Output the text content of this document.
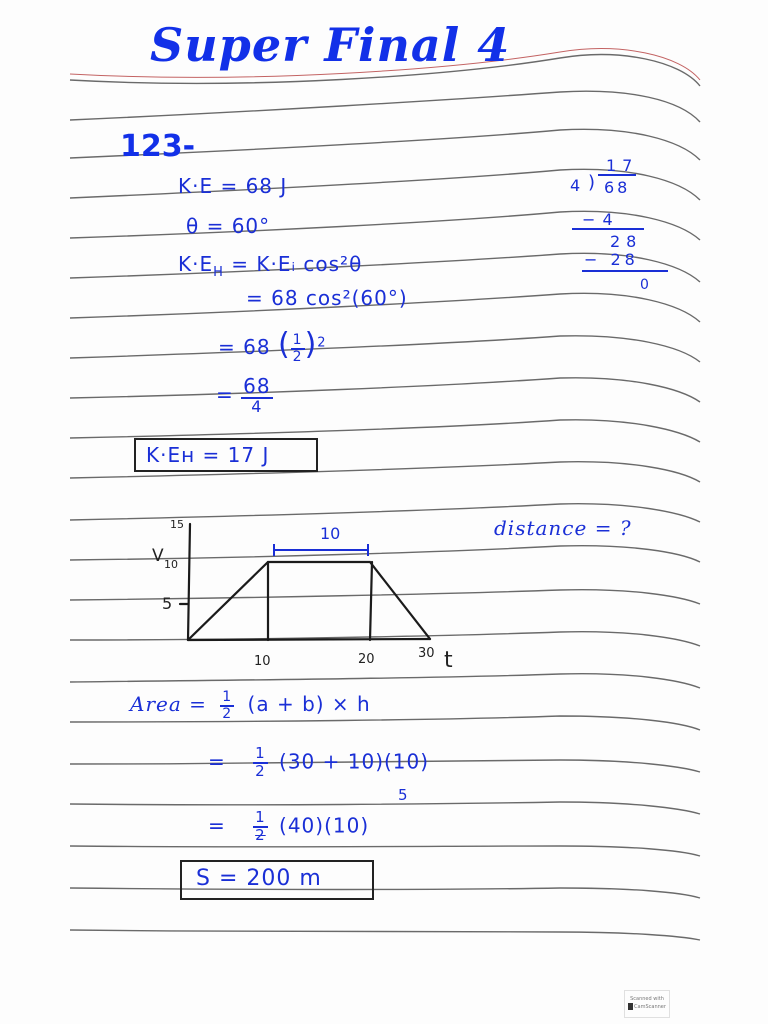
Super Final 4
123-
K·E = 68 J
θ = 60°
$K\cdot E_H$ = K·Eᵢ cos²θ
= 68 cos²(60°)
= 68 ( $\frac{1}{2} )^2$
= $\frac{68}{4}$
K·Eн = 17 J
17
4 ) 68
− 4
28
− 28
0
distance = ?
15
V 10
5
10
10	20	30 t
Area = $\frac{1}{2} (a + b) \times h$
= $\frac{1}{2} (30 + 10)(10)$
5
= $\frac{1}{2} (40)(10)$
S = 200 m
Scanned with
CamScanner
